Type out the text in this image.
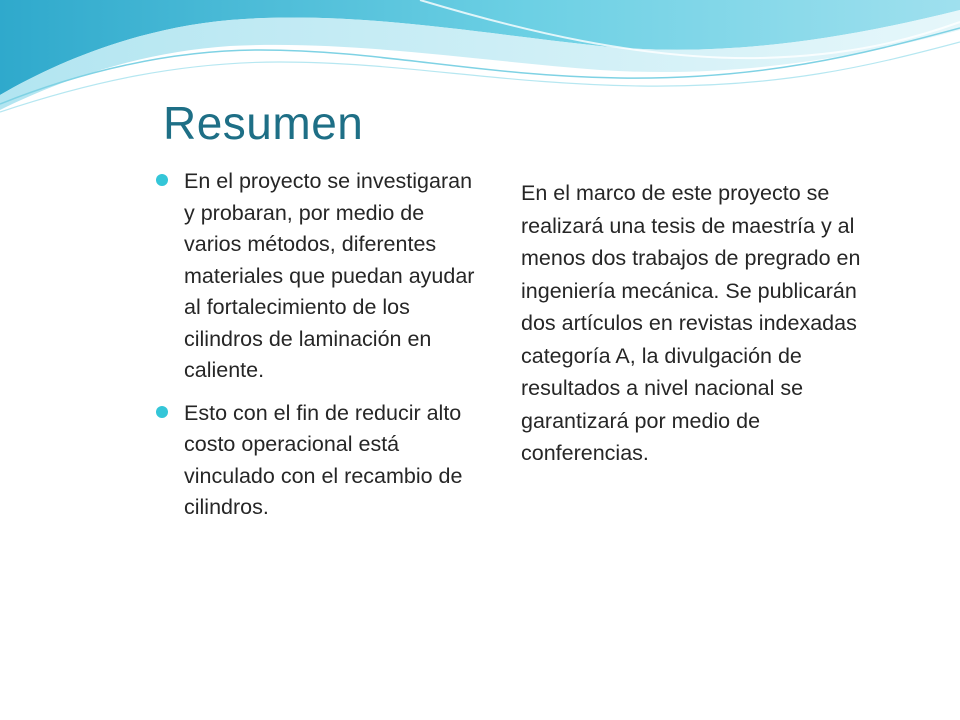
Resumen
En el proyecto se investigaran y probaran, por medio de varios métodos, diferentes materiales que puedan ayudar al fortalecimiento de los cilindros de laminación en caliente.
Esto con el fin de reducir alto costo operacional está vinculado con el recambio de cilindros.

En el marco de este proyecto se realizará una tesis de maestría y al menos dos trabajos de pregrado en ingeniería mecánica. Se publicarán dos artículos en revistas indexadas categoría A, la divulgación de resultados a nivel nacional se garantizará por medio de conferencias.
